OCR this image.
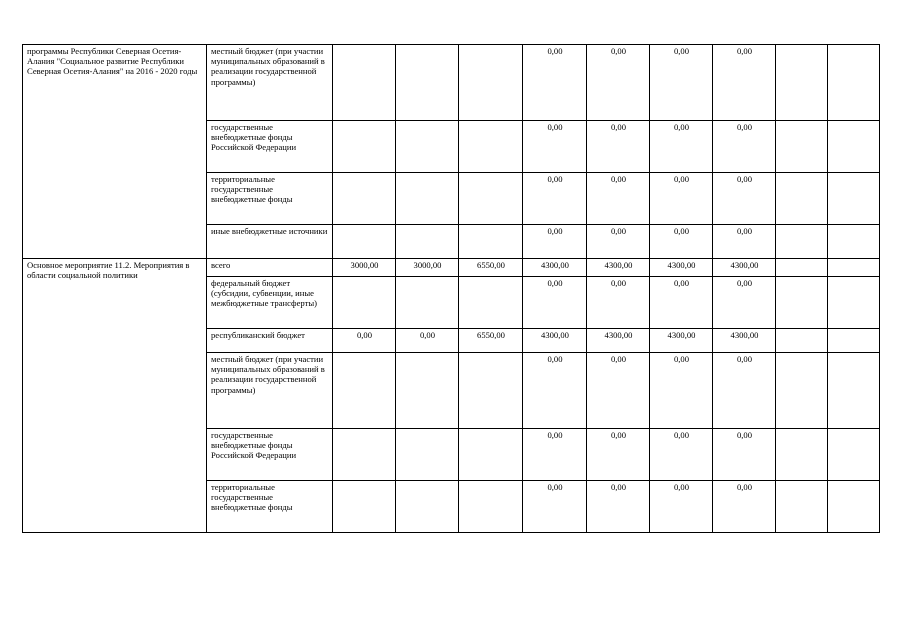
программы Республики Северная Осетия-Алания "Социальное развитие Республики Северная Осетия-Алания" на 2016 - 2020 годы	местный бюджет (при участии муниципальных образований в реализации государственной программы)				0,00	0,00	0,00	0,00		
	государственные внебюджетные фонды Российской Федерации				0,00	0,00	0,00	0,00		
	территориальные государственные внебюджетные фонды				0,00	0,00	0,00	0,00		
	иные внебюджетные источники				0,00	0,00	0,00	0,00		
Основное мероприятие 11.2. Мероприятия в области социальной политики	всего	3000,00	3000,00	6550,00	4300,00	4300,00	4300,00	4300,00		
	федеральный бюджет (субсидии, субвенции, иные межбюджетные трансферты)				0,00	0,00	0,00	0,00		
	республиканский бюджет	0,00	0,00	6550,00	4300,00	4300,00	4300,00	4300,00		
	местный бюджет (при участии муниципальных образований в реализации государственной программы)				0,00	0,00	0,00	0,00		
	государственные внебюджетные фонды Российской Федерации				0,00	0,00	0,00	0,00		
	территориальные государственные внебюджетные фонды				0,00	0,00	0,00	0,00		
